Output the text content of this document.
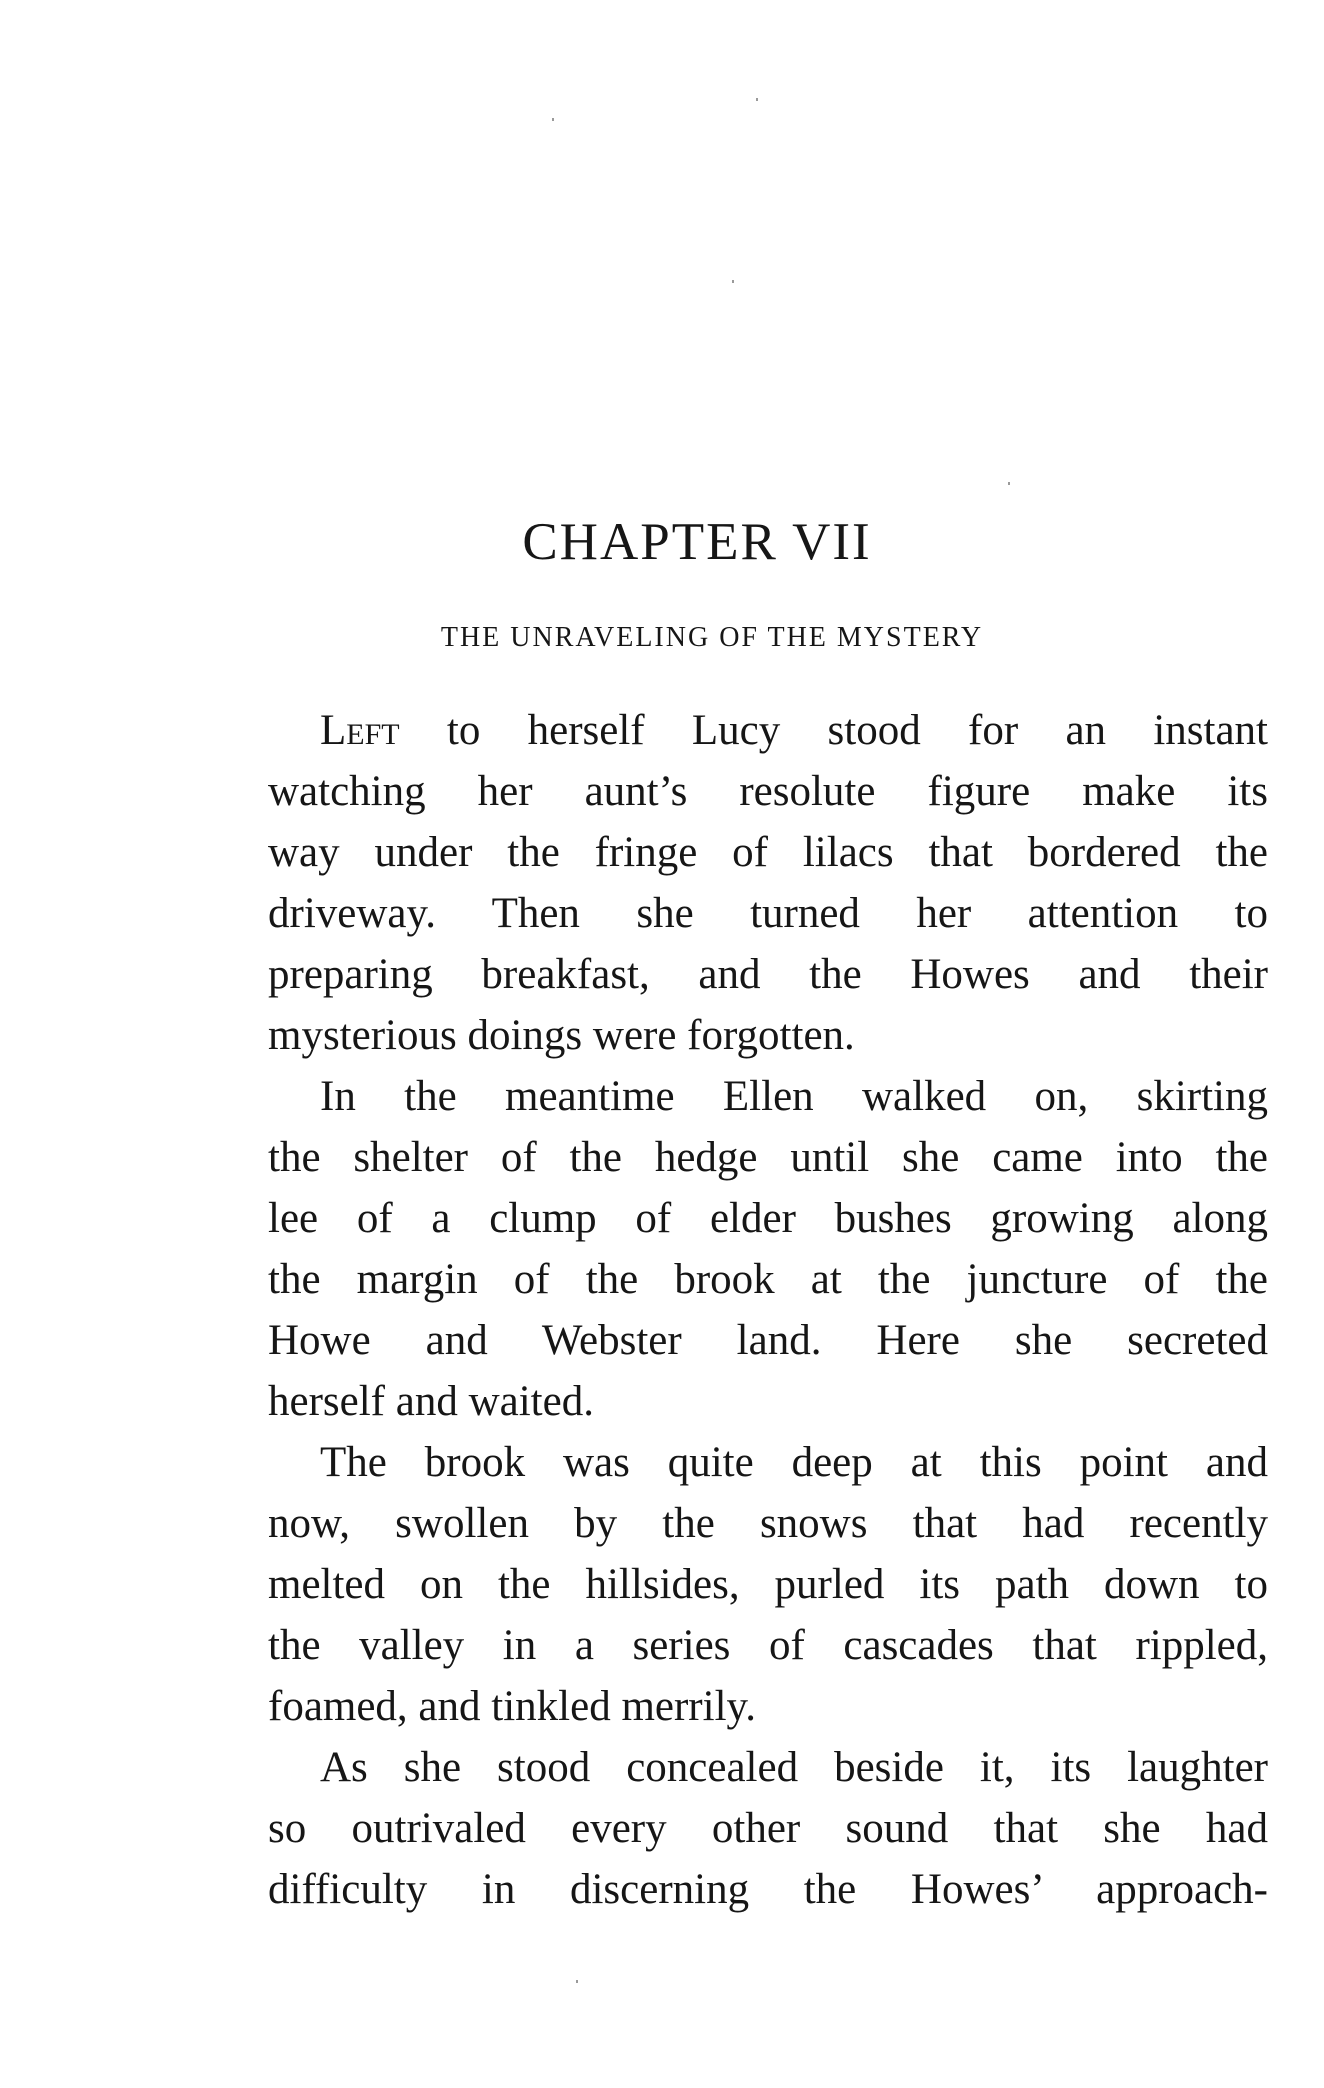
CHAPTER VII
THE UNRAVELING OF THE MYSTERY

Left to herself Lucy stood for an instant
watching her aunt’s resolute figure make its
way under the fringe of lilacs that bordered the
driveway. Then she turned her attention to
preparing breakfast, and the Howes and their
mysterious doings were forgotten.

In the meantime Ellen walked on, skirting
the shelter of the hedge until she came into the
lee of a clump of elder bushes growing along
the margin of the brook at the juncture of the
Howe and Webster land. Here she secreted
herself and waited.

The brook was quite deep at this point and
now, swollen by the snows that had recently
melted on the hillsides, purled its path down to
the valley in a series of cascades that rippled,
foamed, and tinkled merrily.

As she stood concealed beside it, its laughter
so outrivaled every other sound that she had
difficulty in discerning the Howes’ approach-
